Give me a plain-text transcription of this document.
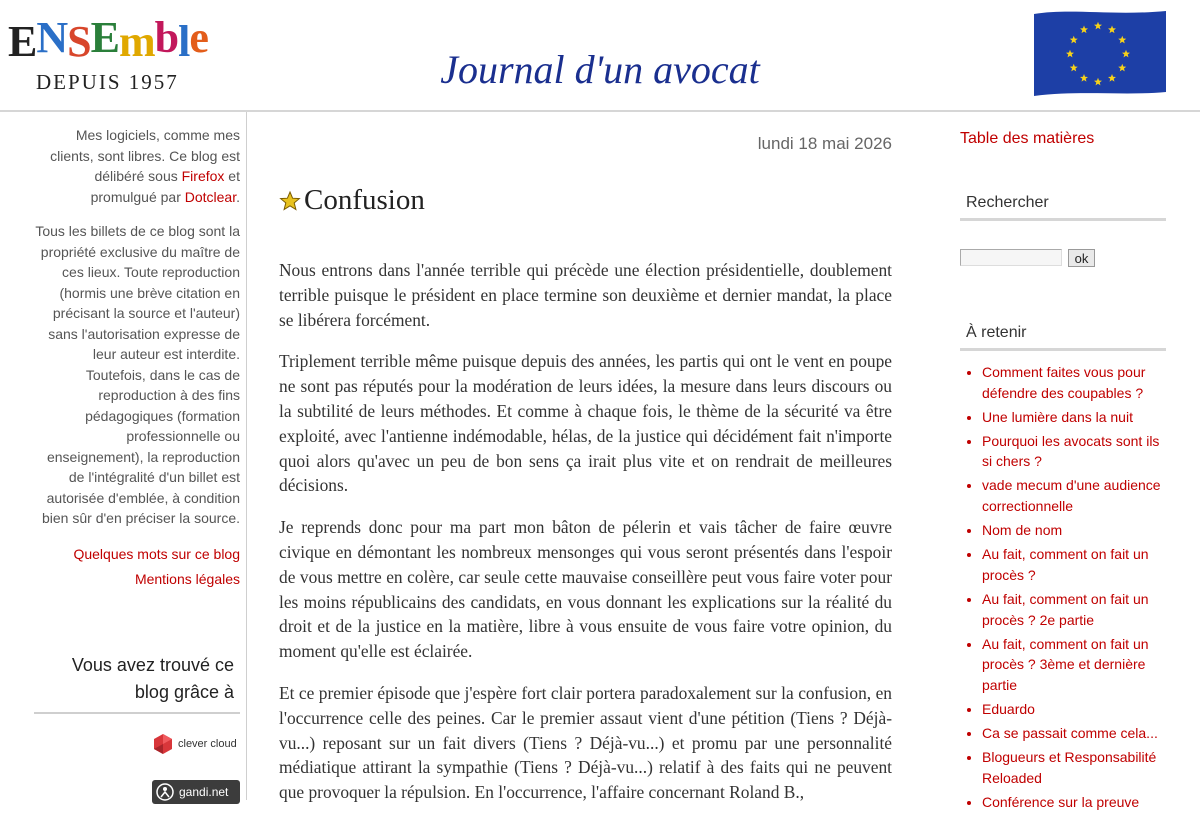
ENSEmble
DEPUIS 1957	Journal d'un avocat
Mes logiciels, comme mes clients, sont libres. Ce blog est délibéré sous Firefox et promulgué par Dotclear.
Tous les billets de ce blog sont la propriété exclusive du maître de ces lieux. Toute reproduction (hormis une brève citation en précisant la source et l'auteur) sans l'autorisation expresse de leur auteur est interdite. Toutefois, dans le cas de reproduction à des fins pédagogiques (formation professionnelle ou enseignement), la reproduction de l'intégralité d'un billet est autorisée d'emblée, à condition bien sûr d'en préciser la source.
Quelques mots sur ce blog

Mentions légales
Vous avez trouvé ce blog grâce à
clever cloud
gandi.net
lundi 18 mai 2026
Confusion

Nous entrons dans l'année terrible qui précède une élection présidentielle, doublement terrible puisque le président en place termine son deuxième et dernier mandat, la place se libérera forcément.

Triplement terrible même puisque depuis des années, les partis qui ont le vent en poupe ne sont pas réputés pour la modération de leurs idées, la mesure dans leurs discours ou la subtilité de leurs méthodes. Et comme à chaque fois, le thème de la sécurité va être exploité, avec l'antienne indémodable, hélas, de la justice qui décidément fait n'importe quoi alors qu'avec un peu de bon sens ça irait plus vite et on rendrait de meilleures décisions.

Je reprends donc pour ma part mon bâton de pélerin et vais tâcher de faire œuvre civique en démontant les nombreux mensonges qui vous seront présentés dans l'espoir de vous mettre en colère, car seule cette mauvaise conseillère peut vous faire voter pour les moins républicains des candidats, en vous donnant les explications sur la réalité du droit et de la justice en la matière, libre à vous ensuite de vous faire votre opinion, du moment qu'elle est éclairée.

Et ce premier épisode que j'espère fort clair portera paradoxalement sur la confusion, en l'occurrence celle des peines. Car le premier assaut vient d'une pétition (Tiens ? Déjà-vu...) reposant sur un fait divers (Tiens ? Déjà-vu...) et promu par une personnalité médiatique attirant la sympathie (Tiens ? Déjà-vu...) relatif à des faits qui ne peuvent que provoquer la répulsion. En l'occurrence, l'affaire concernant Roland B.,

Table des matières
Rechercher
ok
À retenir
• Comment faites vous pour défendre des coupables ?
• Une lumière dans la nuit
• Pourquoi les avocats sont ils si chers ?
• vade mecum d'une audience correctionnelle
• Nom de nom
• Au fait, comment on fait un procès ?
• Au fait, comment on fait un procès ? 2e partie
• Au fait, comment on fait un procès ? 3ème et dernière partie
• Eduardo
• Ca se passait comme cela...
• Blogueurs et Responsabilité Reloaded
• Conférence sur la preuve
